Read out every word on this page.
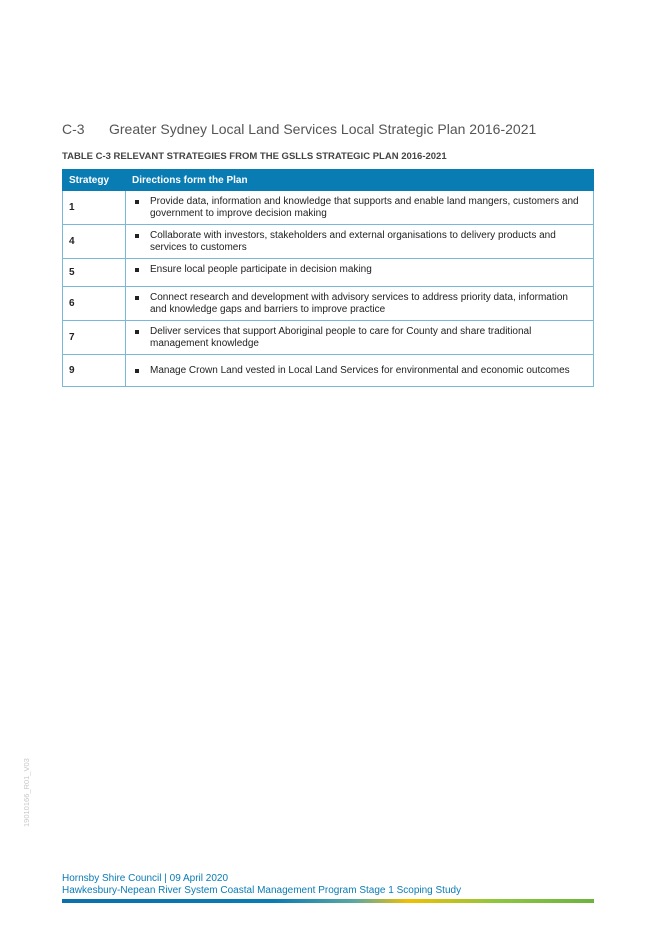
C-3 Greater Sydney Local Land Services Local Strategic Plan 2016-2021
TABLE C-3 RELEVANT STRATEGIES FROM THE GSLLS STRATEGIC PLAN 2016-2021
Strategy	Directions form the Plan
1	Provide data, information and knowledge that supports and enable land mangers, customers and government to improve decision making

4	Collaborate with investors, stakeholders and external organisations to delivery products and services to customers

5	Ensure local people participate in decision making

6	Connect research and development with advisory services to address priority data, information and knowledge gaps and barriers to improve practice

7	Deliver services that support Aboriginal people to care for County and share traditional management knowledge

9	Manage Crown Land vested in Local Land Services for environmental and economic outcomes
19010166_R01_V03
Hornsby Shire Council | 09 April 2020
Hawkesbury-Nepean River System Coastal Management Program Stage 1 Scoping Study
